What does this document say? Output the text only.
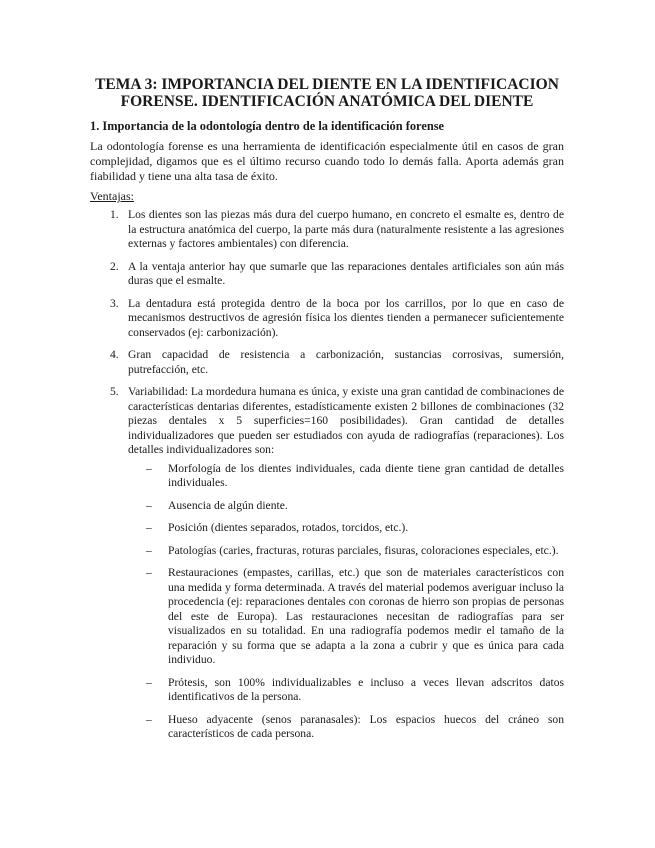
TEMA 3: IMPORTANCIA DEL DIENTE EN LA IDENTIFICACION
FORENSE. IDENTIFICACIÓN ANATÓMICA DEL DIENTE
1. Importancia de la odontología dentro de la identificación forense

La odontología forense es una herramienta de identificación especialmente útil en casos de gran complejidad, digamos que es el último recurso cuando todo lo demás falla. Aporta además gran fiabilidad y tiene una alta tasa de éxito.

Ventajas:

1. Los dientes son las piezas más dura del cuerpo humano, en concreto el esmalte es, dentro de la estructura anatómica del cuerpo, la parte más dura (naturalmente resistente a las agresiones externas y factores ambientales) con diferencia.
2. A la ventaja anterior hay que sumarle que las reparaciones dentales artificiales son aún más duras que el esmalte.
3. La dentadura está protegida dentro de la boca por los carrillos, por lo que en caso de mecanismos destructivos de agresión física los dientes tienden a permanecer suficientemente conservados (ej: carbonización).
4. Gran capacidad de resistencia a carbonización, sustancias corrosivas, sumersión, putrefacción, etc.
5. Variabilidad: La mordedura humana es única, y existe una gran cantidad de combinaciones de características dentarias diferentes, estadísticamente existen 2 billones de combinaciones (32 piezas dentales x 5 superficies=160 posibilidades). Gran cantidad de detalles individualizadores que pueden ser estudiados con ayuda de radiografías (reparaciones). Los detalles individualizadores son:
– Morfología de los dientes individuales, cada diente tiene gran cantidad de detalles individuales.
– Ausencia de algún diente.
– Posición (dientes separados, rotados, torcidos, etc.).
– Patologías (caries, fracturas, roturas parciales, fisuras, coloraciones especiales, etc.).
– Restauraciones (empastes, carillas, etc.) que son de materiales característicos con una medida y forma determinada. A través del material podemos averiguar incluso la procedencia (ej: reparaciones dentales con coronas de hierro son propias de personas del este de Europa). Las restauraciones necesitan de radiografías para ser visualizados en su totalidad. En una radiografía podemos medir el tamaño de la reparación y su forma que se adapta a la zona a cubrir y que es única para cada individuo.
– Prótesis, son 100% individualizables e incluso a veces llevan adscritos datos identificativos de la persona.
– Hueso adyacente (senos paranasales): Los espacios huecos del cráneo son característicos de cada persona.
